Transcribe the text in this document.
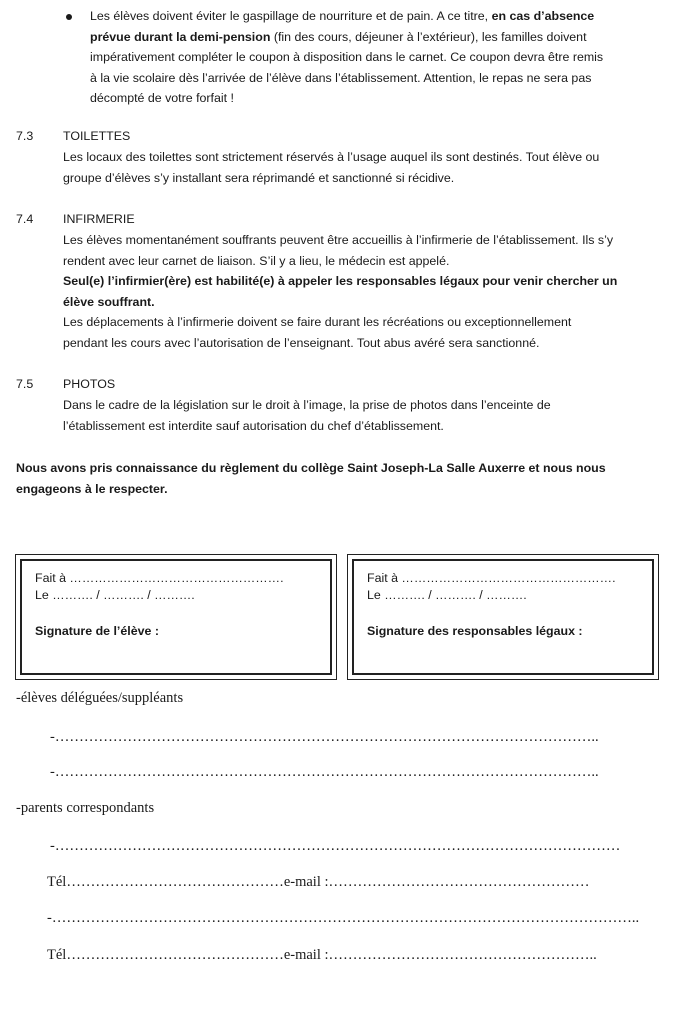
Les élèves doivent éviter le gaspillage de nourriture et de pain. A ce titre, en cas d’absence
prévue durant la demi-pension (fin des cours, déjeuner à l’extérieur), les familles doivent
impérativement compléter le coupon à disposition dans le carnet. Ce coupon devra être remis
à la vie scolaire dès l’arrivée de l’élève dans l’établissement. Attention, le repas ne sera pas
décompté de votre forfait !
7.3 TOILETTES
Les locaux des toilettes sont strictement réservés à l’usage auquel ils sont destinés. Tout élève ou
groupe d’élèves s’y installant sera réprimandé et sanctionné si récidive.
7.4 INFIRMERIE
Les élèves momentanément souffrants peuvent être accueillis à l’infirmerie de l’établissement. Ils s’y
rendent avec leur carnet de liaison. S’il y a lieu, le médecin est appelé.
Seul(e) l’infirmier(ère) est habilité(e) à appeler les responsables légaux pour venir chercher un
élève souffrant.
Les déplacements à l’infirmerie doivent se faire durant les récréations ou exceptionnellement
pendant les cours avec l’autorisation de l’enseignant. Tout abus avéré sera sanctionné.
7.5 PHOTOS
Dans le cadre de la législation sur le droit à l’image, la prise de photos dans l’enceinte de
l’établissement est interdite sauf autorisation du chef d’établissement.
Nous avons pris connaissance du règlement du collège Saint Joseph-La Salle Auxerre et nous nous
engageons à le respecter.
Fait à …………………………………………….
Le ………. / ………. / ……….
Signature de l’élève :
Fait à …………………………………………….
Le ………. / ………. / ……….
Signature des responsables légaux :
-élèves déléguées/suppléants
-…………………………………………………………………………………………………..
-…………………………………………………………………………………………………..
-parents correspondants
-………………………………………………………………………………………………………
Tél………………………………………e-mail :………………………………………………
-…………………………………………………………………………………………………………..
Tél………………………………………e-mail :………………………………………………..
